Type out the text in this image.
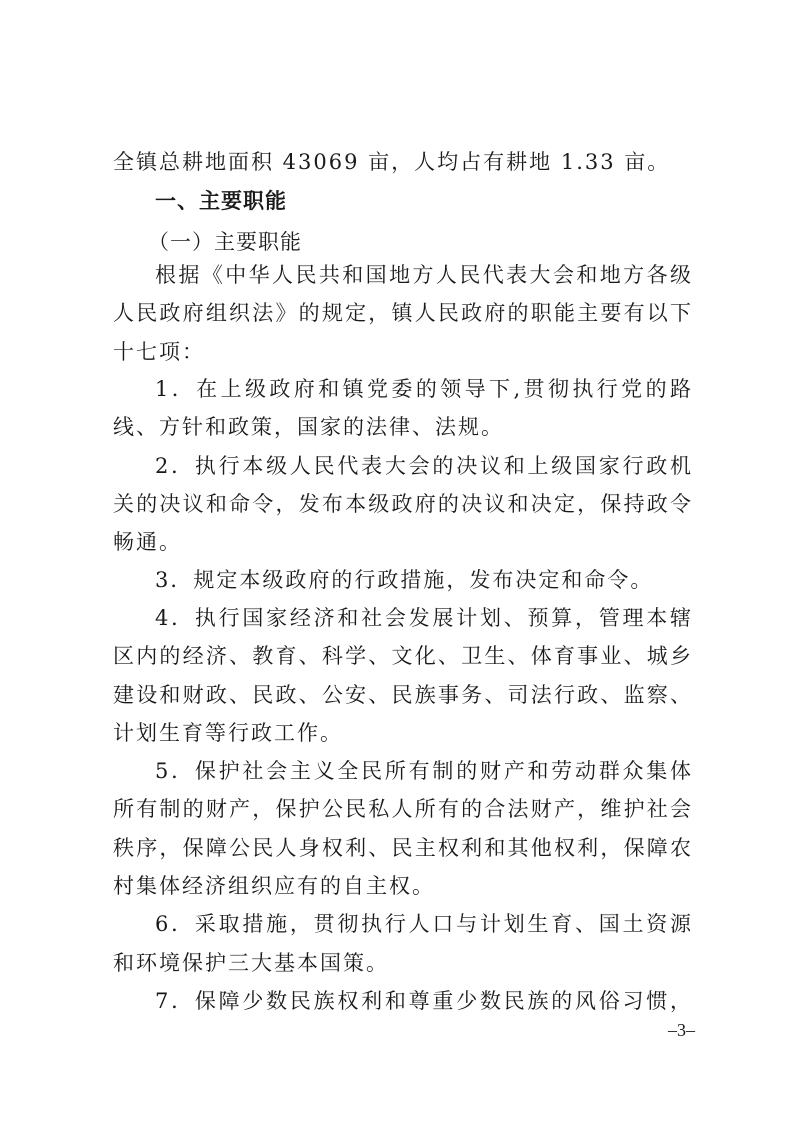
全镇总耕地面积 43069 亩，人均占有耕地 1.33 亩。
一、主要职能
（一）主要职能
根据《中华人民共和国地方人民代表大会和地方各级
人民政府组织法》的规定，镇人民政府的职能主要有以下
十七项：
1．在上级政府和镇党委的领导下,贯彻执行党的路
线、方针和政策，国家的法律、法规。
2．执行本级人民代表大会的决议和上级国家行政机
关的决议和命令，发布本级政府的决议和决定，保持政令
畅通。
3．规定本级政府的行政措施，发布决定和命令。
4．执行国家经济和社会发展计划、预算，管理本辖
区内的经济、教育、科学、文化、卫生、体育事业、城乡
建设和财政、民政、公安、民族事务、司法行政、监察、
计划生育等行政工作。
5．保护社会主义全民所有制的财产和劳动群众集体
所有制的财产，保护公民私人所有的合法财产，维护社会
秩序，保障公民人身权利、民主权利和其他权利，保障农
村集体经济组织应有的自主权。
6．采取措施，贯彻执行人口与计划生育、国土资源
和环境保护三大基本国策。
7．保障少数民族权利和尊重少数民族的风俗习惯，
–3–
